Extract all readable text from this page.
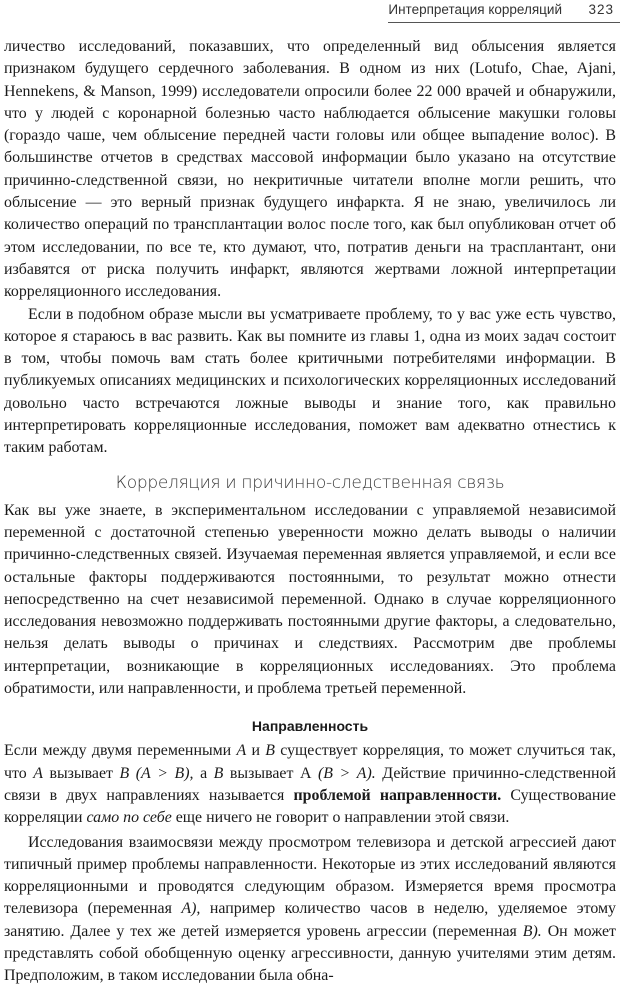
Интерпретация корреляций 323

личество исследований, показавших, что определенный вид облысения является признаком будущего сердечного заболевания. В одном из них (Lotufo, Chae, Ajani, Hennekens, & Manson, 1999) исследователи опросили более 22 000 врачей и обнаружили, что у людей с коронарной болезнью часто наблюдается облысение макушки головы (гораздо чаше, чем облысение передней части головы или общее выпадение волос). В большинстве отчетов в средствах массовой информации было указано на отсутствие причинно-следственной связи, но некритичные читатели вполне могли решить, что облысение — это верный признак будущего инфаркта. Я не знаю, увеличилось ли количество операций по трансплантации волос после того, как был опубликован отчет об этом исследовании, по все те, кто думают, что, потратив деньги на трасплантант, они избавятся от риска получить инфаркт, являются жертвами ложной интерпретации корреляционного исследования.

Если в подобном образе мысли вы усматриваете проблему, то у вас уже есть чувство, которое я стараюсь в вас развить. Как вы помните из главы 1, одна из моих задач состоит в том, чтобы помочь вам стать более критичными потребителями информации. В публикуемых описаниях медицинских и психологических корреляционных исследований довольно часто встречаются ложные выводы и знание того, как правильно интерпретировать корреляционные исследования, поможет вам адекватно отнестись к таким работам.

Корреляция и причинно-следственная связь

Как вы уже знаете, в экспериментальном исследовании с управляемой независимой переменной с достаточной степенью уверенности можно делать выводы о наличии причинно-следственных связей. Изучаемая переменная является управляемой, и если все остальные факторы поддерживаются постоянными, то результат можно отнести непосредственно на счет независимой переменной. Однако в случае корреляционного исследования невозможно поддерживать постоянными другие факторы, а следовательно, нельзя делать выводы о причинах и следствиях. Рассмотрим две проблемы интерпретации, возникающие в корреляционных исследованиях. Это проблема обратимости, или направленности, и проблема третьей переменной.

Направленность

Если между двумя переменными А и В существует корреляция, то может случиться так, что А вызывает В (А > В), а В вызывает А (В > А). Действие причинно-следственной связи в двух направлениях называется проблемой направленности. Существование корреляции само по себе еще ничего не говорит о направлении этой связи.

Исследования взаимосвязи между просмотром телевизора и детской агрессией дают типичный пример проблемы направленности. Некоторые из этих исследований являются корреляционными и проводятся следующим образом. Измеряется время просмотра телевизора (переменная А), например количество часов в неделю, уделяемое этому занятию. Далее у тех же детей измеряется уровень агрессии (переменная В). Он может представлять собой обобщенную оценку агрессивности, данную учителями этим детям. Предположим, в таком исследовании была обна-
